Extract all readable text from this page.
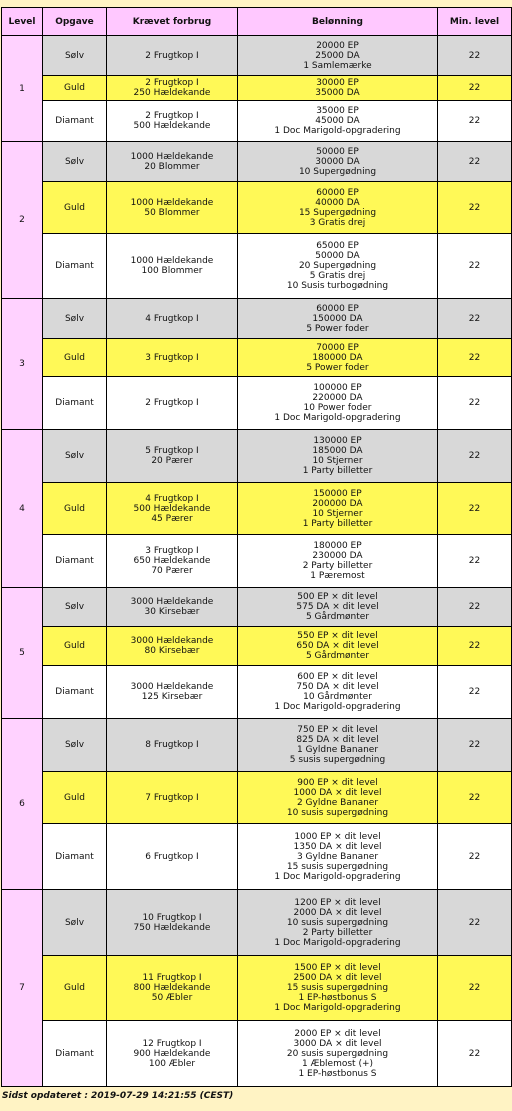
Level	Opgave	Krævet forbrug	Belønning	Min. level
1	Sølv	2 Frugtkop I	20000 EP
25000 DA
1 Samlemærke	22
	Guld	2 Frugtkop I
250 Hældekande	30000 EP
35000 DA	22
	Diamant	2 Frugtkop I
500 Hældekande	35000 EP
45000 DA
1 Doc Marigold-opgradering	22
2	Sølv	1000 Hældekande
20 Blommer	50000 EP
30000 DA
10 Supergødning	22
	Guld	1000 Hældekande
50 Blommer	60000 EP
40000 DA
15 Supergødning
3 Gratis drej	22
	Diamant	1000 Hældekande
100 Blommer	65000 EP
50000 DA
20 Supergødning
5 Gratis drej
10 Susis turbogødning	22
3	Sølv	4 Frugtkop I	60000 EP
150000 DA
5 Power foder	22
	Guld	3 Frugtkop I	70000 EP
180000 DA
5 Power foder	22
	Diamant	2 Frugtkop I	100000 EP
220000 DA
10 Power foder
1 Doc Marigold-opgradering	22
4	Sølv	5 Frugtkop I
20 Pærer	130000 EP
185000 DA
10 Stjerner
1 Party billetter	22
	Guld	4 Frugtkop I
500 Hældekande
45 Pærer	150000 EP
200000 DA
10 Stjerner
1 Party billetter	22
	Diamant	3 Frugtkop I
650 Hældekande
70 Pærer	180000 EP
230000 DA
2 Party billetter
1 Pæremost	22
5	Sølv	3000 Hældekande
30 Kirsebær	500 EP × dit level
575 DA × dit level
5 Gårdmønter	22
	Guld	3000 Hældekande
80 Kirsebær	550 EP × dit level
650 DA × dit level
5 Gårdmønter	22
	Diamant	3000 Hældekande
125 Kirsebær	600 EP × dit level
750 DA × dit level
10 Gårdmønter
1 Doc Marigold-opgradering	22
6	Sølv	8 Frugtkop I	750 EP × dit level
825 DA × dit level
1 Gyldne Bananer
5 susis supergødning	22
	Guld	7 Frugtkop I	900 EP × dit level
1000 DA × dit level
2 Gyldne Bananer
10 susis supergødning	22
	Diamant	6 Frugtkop I	1000 EP × dit level
1350 DA × dit level
3 Gyldne Bananer
15 susis supergødning
1 Doc Marigold-opgradering	22
7	Sølv	10 Frugtkop I
750 Hældekande	1200 EP × dit level
2000 DA × dit level
10 susis supergødning
2 Party billetter
1 Doc Marigold-opgradering	22
	Guld	11 Frugtkop I
800 Hældekande
50 Æbler	1500 EP × dit level
2500 DA × dit level
15 susis supergødning
1 EP-høstbonus S
1 Doc Marigold-opgradering	22
	Diamant	12 Frugtkop I
900 Hældekande
100 Æbler	2000 EP × dit level
3000 DA × dit level
20 susis supergødning
1 Æblemost (+)
1 EP-høstbonus S	22
Sidst opdateret : 2019-07-29 14:21:55 (CEST)
